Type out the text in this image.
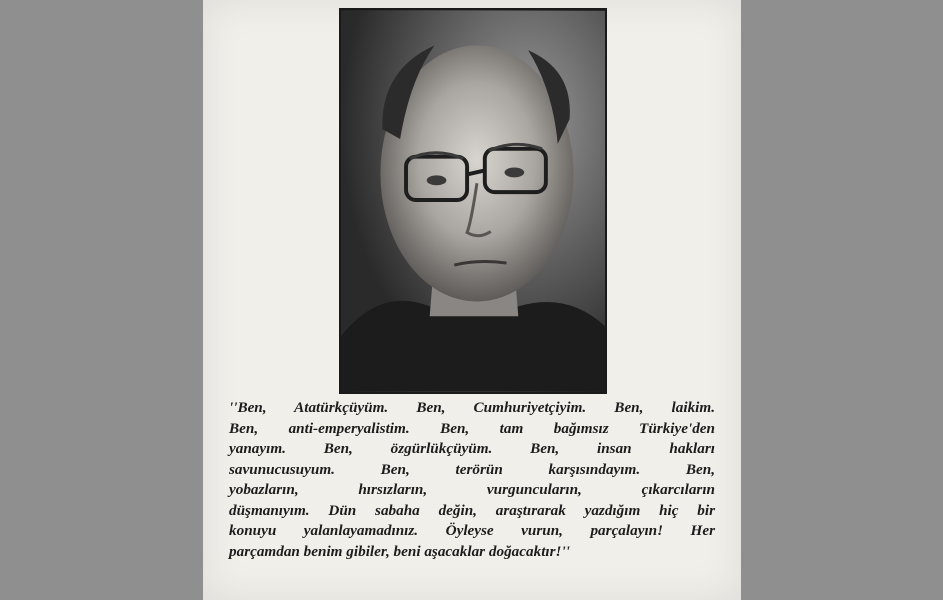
''Ben, Atatürkçüyüm. Ben, Cumhuriyetçiyim. Ben, laikim.
Ben, anti-emperyalistim. Ben, tam bağımsız Türkiye'den
yanayım. Ben, özgürlükçüyüm. Ben, insan hakları
savunucusuyum. Ben, terörün karşısındayım. Ben,
yobazların, hırsızların, vurguncuların, çıkarcıların
düşmanıyım. Dün sabaha değin, araştırarak yazdığım hiç bir
konuyu yalanlayamadınız. Öyleyse vurun, parçalayın! Her
parçamdan benim gibiler, beni aşacaklar doğacaktır!''
